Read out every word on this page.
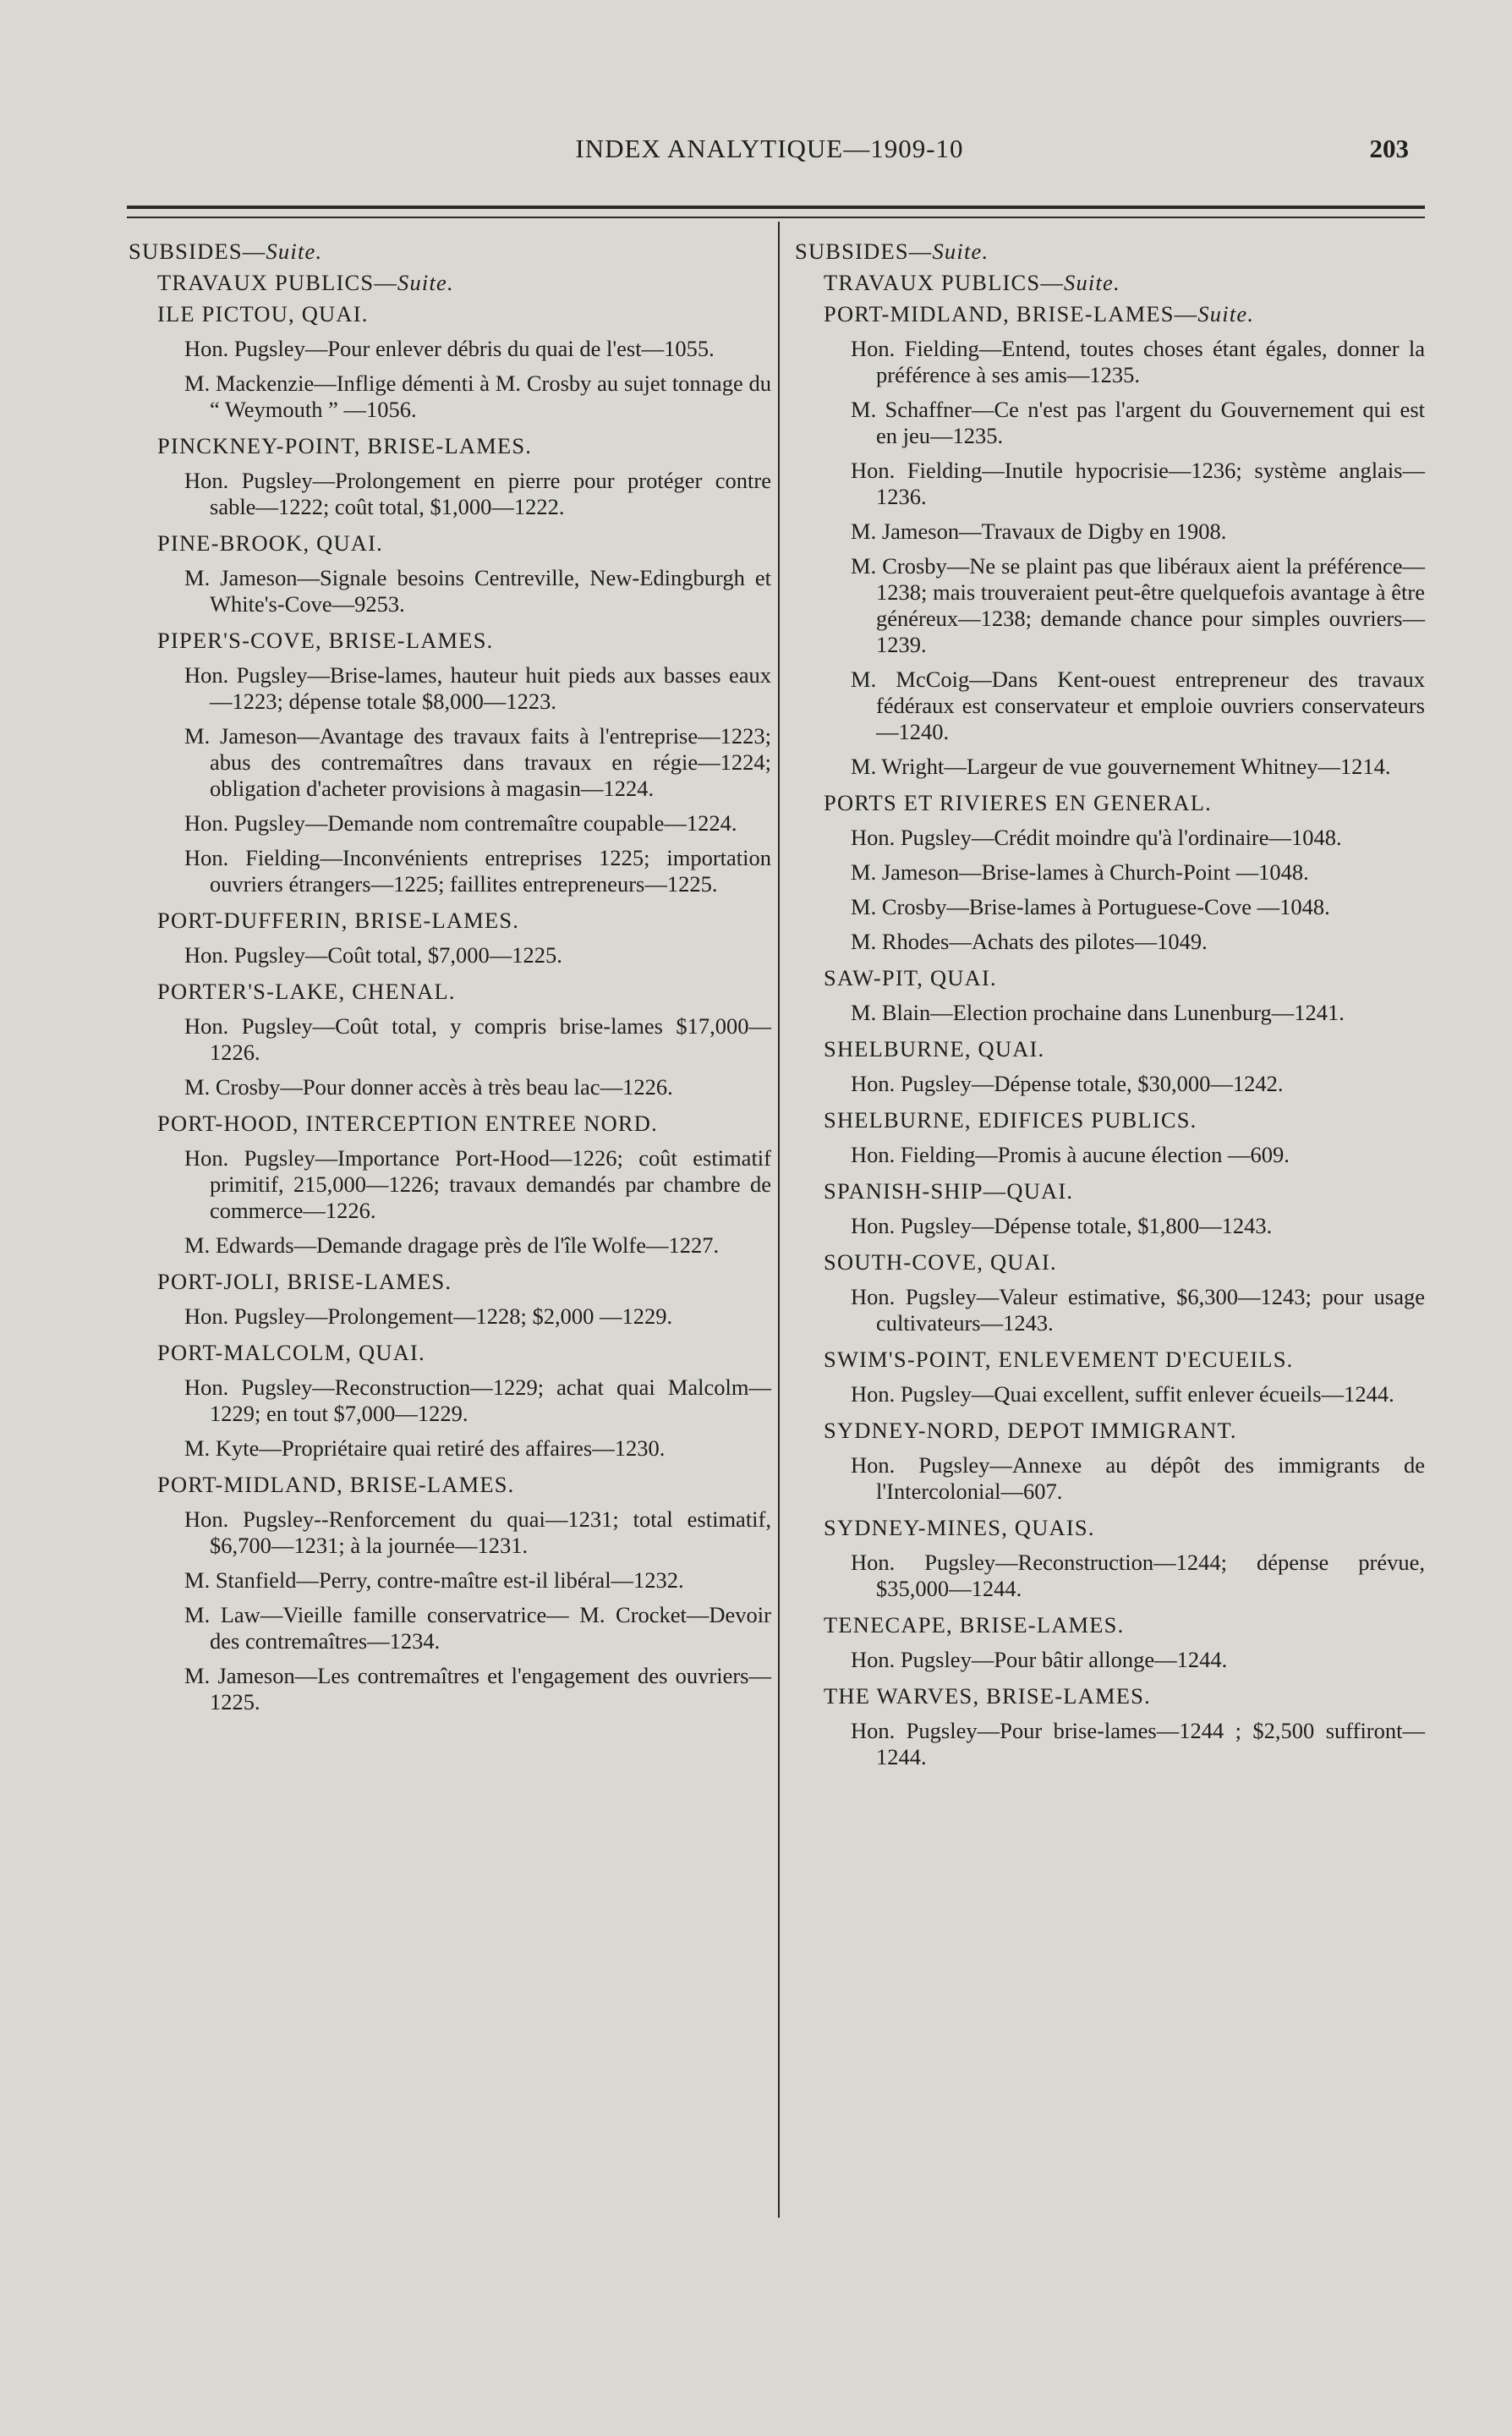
INDEX ANALYTIQUE—1909-10	203
SUBSIDES—Suite.
TRAVAUX PUBLICS—Suite.
ILE PICTOU, QUAI.
Hon. Pugsley—Pour enlever débris du quai de l'est—1055.
M. Mackenzie—Inflige démenti à M. Crosby au sujet tonnage du “ Weymouth ” —1056.
PINCKNEY-POINT, BRISE-LAMES.
Hon. Pugsley—Prolongement en pierre pour protéger contre sable—1222; coût total, $1,000—1222.
PINE-BROOK, QUAI.
M. Jameson—Signale besoins Centreville, New-Edingburgh et White's-Cove—9253.
PIPER'S-COVE, BRISE-LAMES.
Hon. Pugsley—Brise-lames, hauteur huit pieds aux basses eaux—1223; dépense totale $8,000—1223.
M. Jameson—Avantage des travaux faits à l'entreprise—1223; abus des contremaîtres dans travaux en régie—1224; obligation d'acheter provisions à magasin—1224.
Hon. Pugsley—Demande nom contremaître coupable—1224.
Hon. Fielding—Inconvénients entreprises 1225; importation ouvriers étrangers—1225; faillites entrepreneurs—1225.
PORT-DUFFERIN, BRISE-LAMES.
Hon. Pugsley—Coût total, $7,000—1225.
PORTER'S-LAKE, CHENAL.
Hon. Pugsley—Coût total, y compris brise-lames $17,000—1226.
M. Crosby—Pour donner accès à très beau lac—1226.
PORT-HOOD, INTERCEPTION ENTREE NORD.
Hon. Pugsley—Importance Port-Hood—1226; coût estimatif primitif, 215,000—1226; travaux demandés par chambre de commerce—1226.
M. Edwards—Demande dragage près de l'île Wolfe—1227.
PORT-JOLI, BRISE-LAMES.
Hon. Pugsley—Prolongement—1228; $2,000 —1229.
PORT-MALCOLM, QUAI.
Hon. Pugsley—Reconstruction—1229; achat quai Malcolm—1229; en tout $7,000—1229.
M. Kyte—Propriétaire quai retiré des affaires—1230.
PORT-MIDLAND, BRISE-LAMES.
Hon. Pugsley--Renforcement du quai—1231; total estimatif, $6,700—1231; à la journée—1231.
M. Stanfield—Perry, contre-maître est-il libéral—1232.
M. Law—Vieille famille conservatrice— M. Crocket—Devoir des contremaîtres—1234.
M. Jameson—Les contremaîtres et l'engagement des ouvriers—1225.
SUBSIDES—Suite.
TRAVAUX PUBLICS—Suite.
PORT-MIDLAND, BRISE-LAMES—Suite.
Hon. Fielding—Entend, toutes choses étant égales, donner la préférence à ses amis—1235.
M. Schaffner—Ce n'est pas l'argent du Gouvernement qui est en jeu—1235.
Hon. Fielding—Inutile hypocrisie—1236; système anglais—1236.
M. Jameson—Travaux de Digby en 1908.
M. Crosby—Ne se plaint pas que libéraux aient la préférence—1238; mais trouveraient peut-être quelquefois avantage à être généreux—1238; demande chance pour simples ouvriers—1239.
M. McCoig—Dans Kent-ouest entrepreneur des travaux fédéraux est conservateur et emploie ouvriers conservateurs—1240.
M. Wright—Largeur de vue gouvernement Whitney—1214.
PORTS ET RIVIERES EN GENERAL.
Hon. Pugsley—Crédit moindre qu'à l'ordinaire—1048.
M. Jameson—Brise-lames à Church-Point —1048.
M. Crosby—Brise-lames à Portuguese-Cove —1048.
M. Rhodes—Achats des pilotes—1049.
SAW-PIT, QUAI.
M. Blain—Election prochaine dans Lunenburg—1241.
SHELBURNE, QUAI.
Hon. Pugsley—Dépense totale, $30,000—1242.
SHELBURNE, EDIFICES PUBLICS.
Hon. Fielding—Promis à aucune élection —609.
SPANISH-SHIP—QUAI.
Hon. Pugsley—Dépense totale, $1,800—1243.
SOUTH-COVE, QUAI.
Hon. Pugsley—Valeur estimative, $6,300—1243; pour usage cultivateurs—1243.
SWIM'S-POINT, ENLEVEMENT D'ECUEILS.
Hon. Pugsley—Quai excellent, suffit enlever écueils—1244.
SYDNEY-NORD, DEPOT IMMIGRANT.
Hon. Pugsley—Annexe au dépôt des immigrants de l'Intercolonial—607.
SYDNEY-MINES, QUAIS.
Hon. Pugsley—Reconstruction—1244; dépense prévue, $35,000—1244.
TENECAPE, BRISE-LAMES.
Hon. Pugsley—Pour bâtir allonge—1244.
THE WARVES, BRISE-LAMES.
Hon. Pugsley—Pour brise-lames—1244 ; $2,500 suffiront—1244.
